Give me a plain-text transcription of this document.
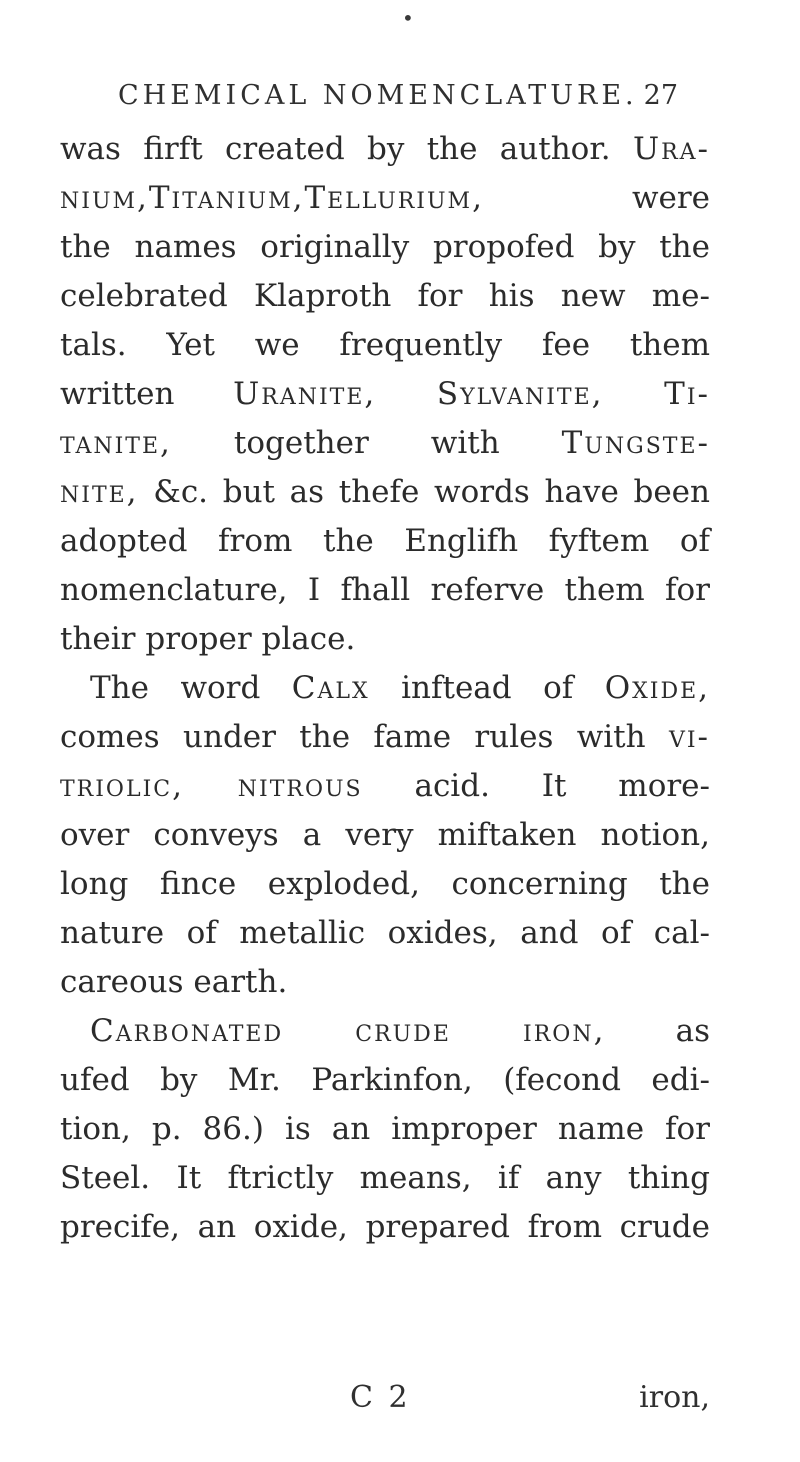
•
CHEMICAL NOMENCLATURE. 27
was firft created by the author. Ura-
nium,Titanium,Tellurium, were
the names originally propofed by the
celebrated Klaproth for his new me-
tals. Yet we frequently fee them
written Uranite, Sylvanite, Ti-
tanite, together with Tungste-
nite, &c. but as thefe words have been
adopted from the Englifh fyftem of
nomenclature, I fhall referve them for
their proper place.
The word Calx inftead of Oxide,
comes under the fame rules with vi-
triolic, nitrous acid. It more-
over conveys a very miftaken notion,
long fince exploded, concerning the
nature of metallic oxides, and of cal-
careous earth.
Carbonated crude iron, as
ufed by Mr. Parkinfon, (fecond edi-
tion, p. 86.) is an improper name for
Steel. It ftrictly means, if any thing
precife, an oxide, prepared from crude
C 2	iron,
